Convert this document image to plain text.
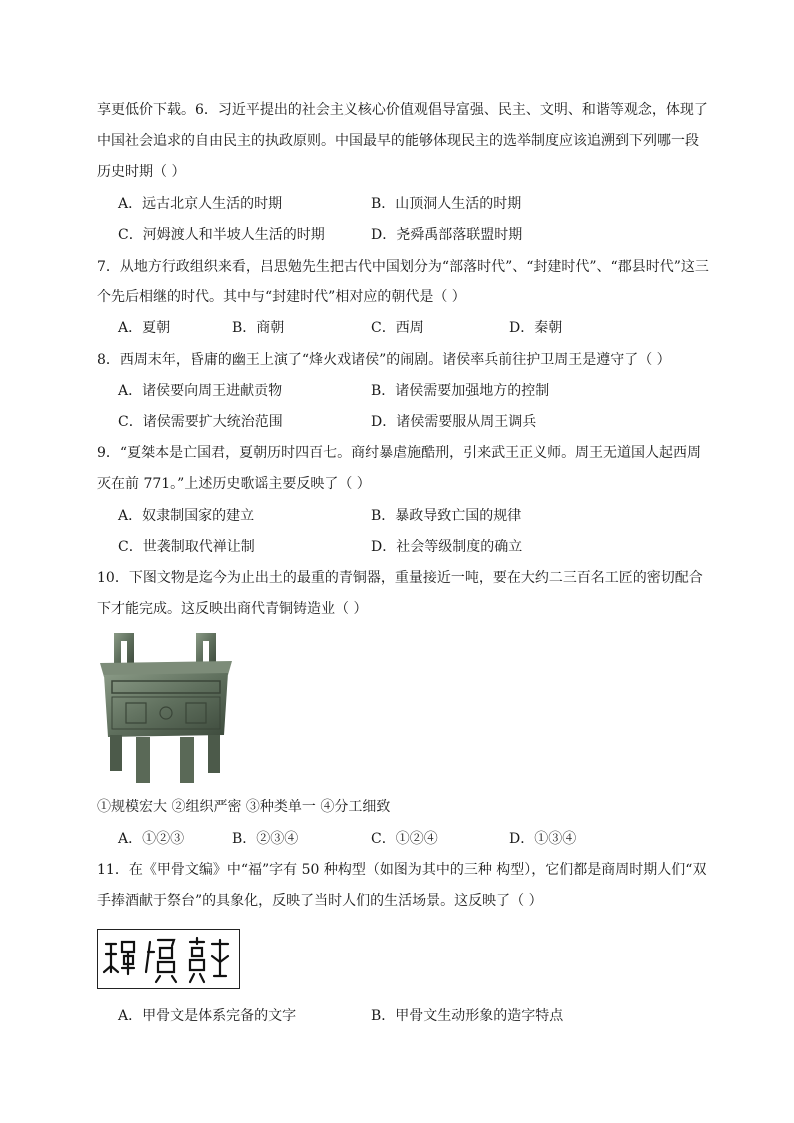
享更低价下载。6．习近平提出的社会主义核心价值观倡导富强、民主、文明、和谐等观念，体现了
中国社会追求的自由民主的执政原则。中国最早的能够体现民主的选举制度应该追溯到下列哪一段
历史时期（ ）
A．远古北京人生活的时期	B．山顶洞人生活的时期
C．河姆渡人和半坡人生活的时期	D．尧舜禹部落联盟时期
7．从地方行政组织来看，吕思勉先生把古代中国划分为“部落时代”、“封建时代”、“郡县时代”这三
个先后相继的时代。其中与“封建时代”相对应的朝代是（ ）
A．夏朝	B．商朝	C．西周	D．秦朝
8．西周末年，昏庸的幽王上演了“烽火戏诸侯”的闹剧。诸侯率兵前往护卫周王是遵守了（ ）
A．诸侯要向周王进献贡物	B．诸侯需要加强地方的控制
C．诸侯需要扩大统治范围	D．诸侯需要服从周王调兵
9．“夏桀本是亡国君，夏朝历时四百七。商纣暴虐施酷刑，引来武王正义师。周王无道国人起西周
灭在前 771。”上述历史歌谣主要反映了（ ）
A．奴隶制国家的建立	B．暴政导致亡国的规律
C．世袭制取代禅让制	D．社会等级制度的确立
10．下图文物是迄今为止出土的最重的青铜器，重量接近一吨，要在大约二三百名工匠的密切配合
下才能完成。这反映出商代青铜铸造业（ ）
①规模宏大 ②组织严密 ③种类单一 ④分工细致
A．①②③	B．②③④	C．①②④	D．①③④
11．在《甲骨文编》中“福”字有 50 种构型（如图为其中的三种 构型），它们都是商周时期人们“双
手捧酒献于祭台”的具象化，反映了当时人们的生活场景。这反映了（ ）
A．甲骨文是体系完备的文字	B．甲骨文生动形象的造字特点
